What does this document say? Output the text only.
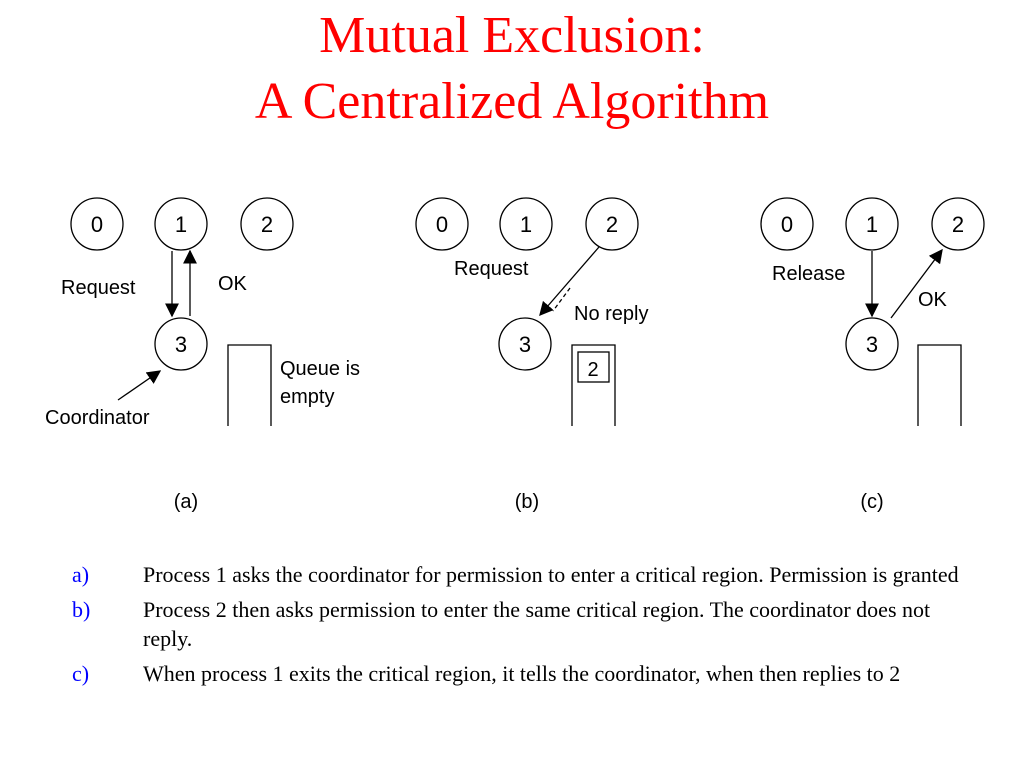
Mutual Exclusion:
A Centralized Algorithm
0	1	2
3
Request	OK
Queue is
empty
Coordinator
(a)
0	1	2
3
2
Request
No reply
(b)
0	1	2
3
Release
OK
(c)
a) Process 1 asks the coordinator for permission to enter a critical region. Permission is granted
b) Process 2 then asks permission to enter the same critical region. The coordinator does not reply.
c) When process 1 exits the critical region, it tells the coordinator, when then replies to 2
